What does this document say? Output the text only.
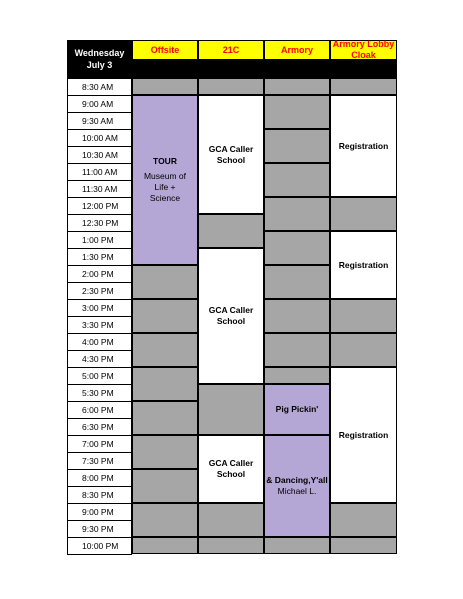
Wednesday
July 3
Offsite	21C	Armory
Armory Lobby Cloak
8:30 AM
9:00 AM
9:30 AM
10:00 AM
10:30 AM
11:00 AM
11:30 AM
12:00 PM
12:30 PM
1:00 PM
1:30 PM
2:00 PM
2:30 PM
3:00 PM
3:30 PM
4:00 PM
4:30 PM
5:00 PM
5:30 PM
6:00 PM
6:30 PM
7:00 PM
7:30 PM
8:00 PM
8:30 PM
9:00 PM
9:30 PM
10:00 PM
TOUR
Museum of Life + Science
GCA Caller School
GCA Caller School
GCA Caller School
Pig Pickin'
& Dancing,Y'all
Michael L.
Registration
Registration
Registration
